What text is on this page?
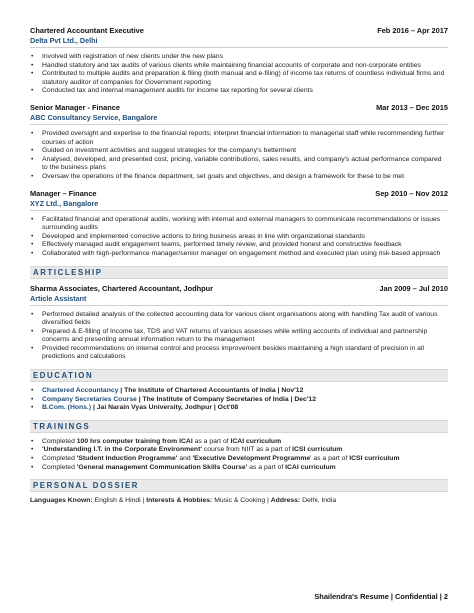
Chartered Accountant Executive	Feb 2016 – Apr 2017
Delta Pvt Ltd., Delhi
• Involved with registration of new clients under the new plans
• Handled statutory and tax audits of various clients while maintaining financial accounts of corporate and non-corporate entities
• Contributed to multiple audits and preparation & filing (both manual and e-filing) of income tax returns of countless individual firms and statutory auditor of companies for Government reporting
• Conducted tax and internal management audits for income tax reporting for several clients
Senior Manager - Finance	Mar 2013 – Dec 2015
ABC Consultancy Service, Bangalore
• Provided oversight and expertise to the financial reports; interpret financial information to managerial staff while recommending further courses of action
• Guided on investment activities and suggest strategies for the company's betterment
• Analysed, developed, and presented cost, pricing, variable contributions, sales results, and company's actual performance compared to the business plans
• Oversaw the operations of the finance department, set goals and objectives, and design a framework for these to be met
Manager – Finance	Sep 2010 – Nov 2012
XYZ Ltd., Bangalore
• Facilitated financial and operational audits, working with internal and external managers to communicate recommendations or issues surrounding audits
• Developed and implemented corrective actions to bring business areas in line with organizational standards
• Effectively managed audit engagement teams, performed timely review, and provided honest and constructive feedback
• Collaborated with high-performance manager/senior manager on engagement method and executed plan using risk-based approach
ARTICLESHIP
Sharma Associates, Chartered Accountant, Jodhpur	Jan 2009 – Jul 2010
Article Assistant
• Performed detailed analysis of the collected accounting data for various client organisations along with handling Tax audit of various diversified fields
• Prepared & E-filling of Income tax, TDS and VAT returns of various assesses while writing accounts of individual and partnership concerns and presenting annual information return to the management
• Provided recommendations on internal control and process improvement besides maintaining a high standard of precision in all predictions and calculations
EDUCATION
• Chartered Accountancy | The Institute of Chartered Accountants of India | Nov'12
• Company Secretaries Course | The Institute of Company Secretaries of India | Dec'12
• B.Com. (Hons.) | Jai Narain Vyas University, Jodhpur | Oct'08
TRAININGS
• Completed 100 hrs computer training from ICAI as a part of ICAI curriculum
• 'Understanding I.T. in the Corporate Environment' course from NIIT as a part of ICSI curriculum
• Completed 'Student Induction Programme' and 'Executive Development Programme' as a part of ICSI curriculum
• Completed 'General management Communication Skills Course' as a part of ICAI curriculum
PERSONAL DOSSIER
Languages Known: English & Hindi | Interests & Hobbies: Music & Cooking | Address: Delhi, India
Shailendra's Resume | Confidential | 2
